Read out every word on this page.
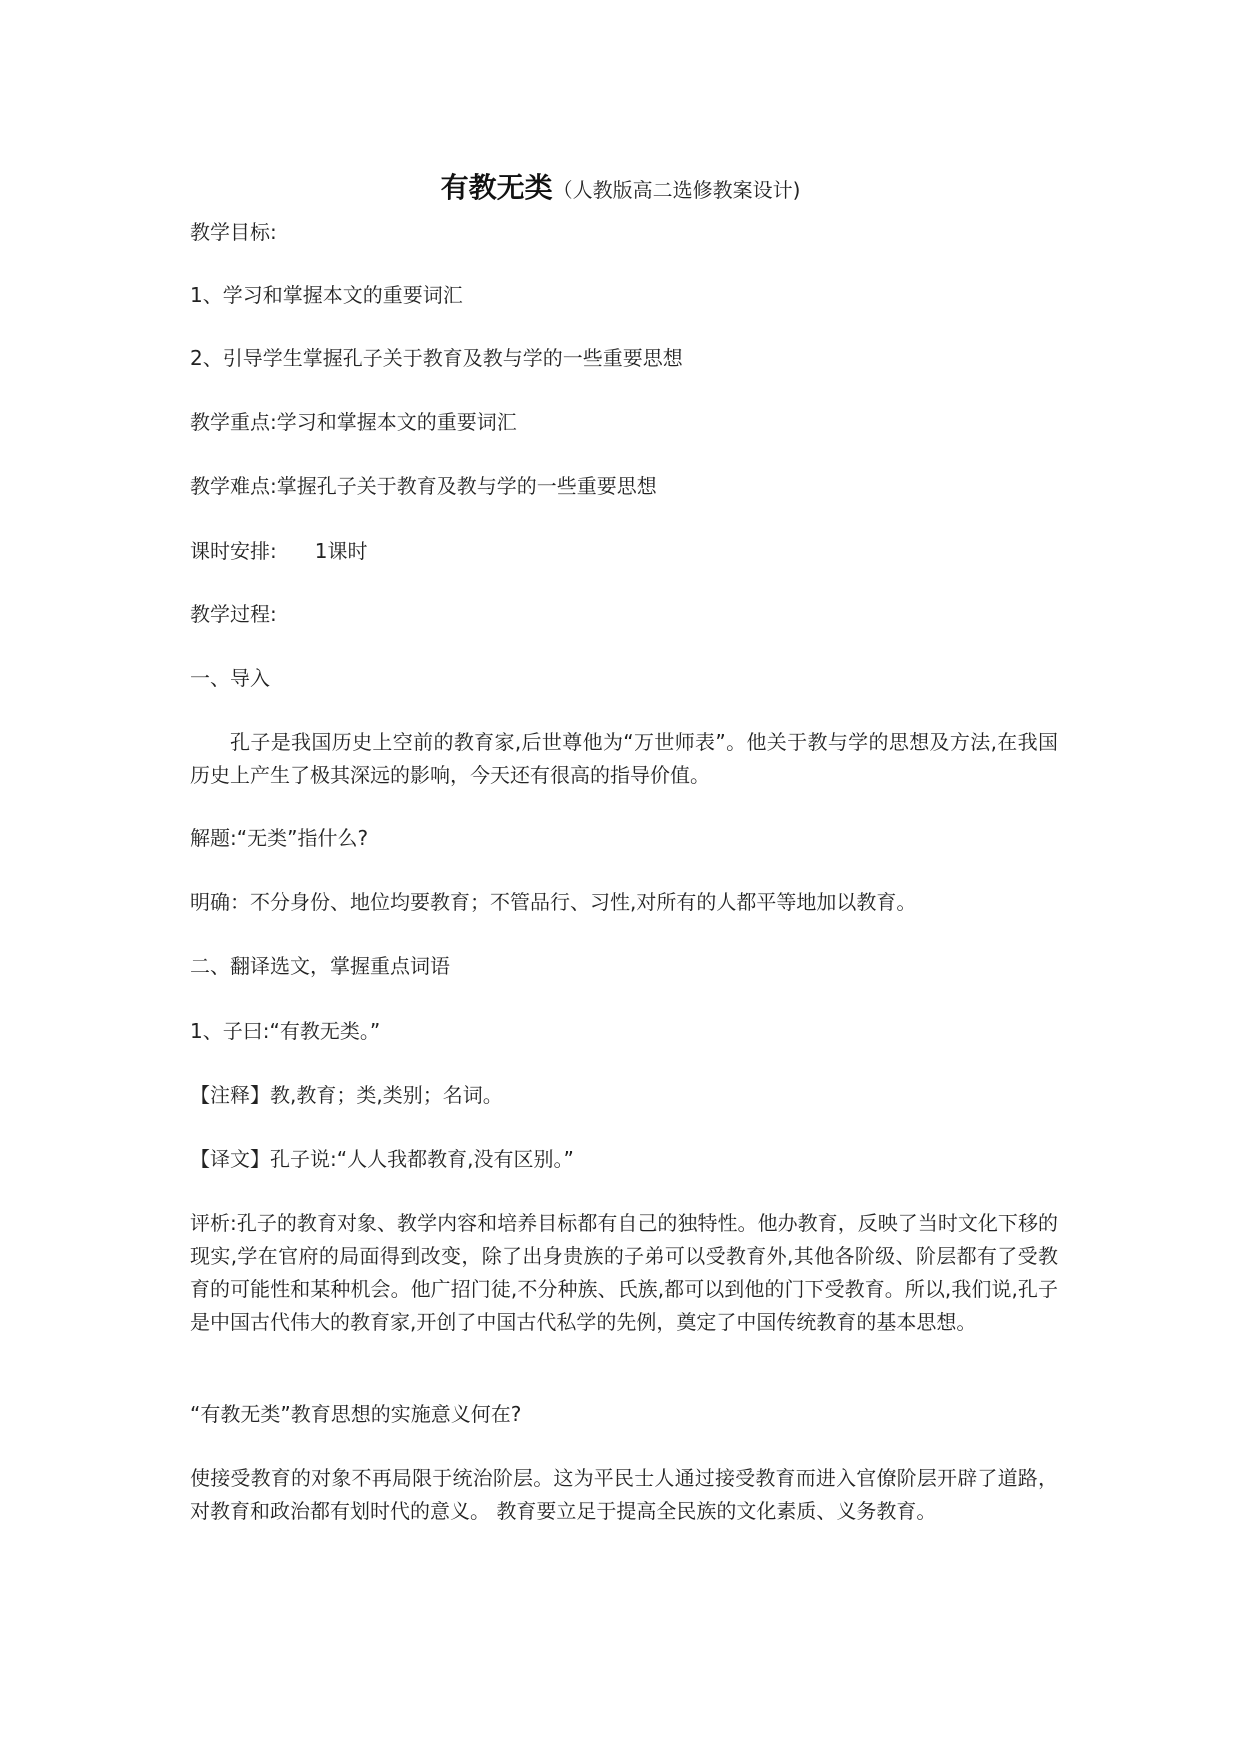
有教无类（人教版高二选修教案设计)
教学目标:
1、学习和掌握本文的重要词汇
2、引导学生掌握孔子关于教育及教与学的一些重要思想
教学重点:学习和掌握本文的重要词汇
教学难点:掌握孔子关于教育及教与学的一些重要思想
课时安排: 1课时
教学过程:
一、导入
孔子是我国历史上空前的教育家,后世尊他为“万世师表”。他关于教与学的思想及方法,在我国历史上产生了极其深远的影响，今天还有很高的指导价值。
解题:“无类”指什么?
明确：不分身份、地位均要教育；不管品行、习性,对所有的人都平等地加以教育。
二、翻译选文，掌握重点词语
1、子曰:“有教无类。”
【注释】教,教育；类,类别；名词。
【译文】孔子说:“人人我都教育,没有区别。”
评析:孔子的教育对象、教学内容和培养目标都有自己的独特性。他办教育，反映了当时文化下移的现实,学在官府的局面得到改变，除了出身贵族的子弟可以受教育外,其他各阶级、阶层都有了受教育的可能性和某种机会。他广招门徒,不分种族、氏族,都可以到他的门下受教育。所以,我们说,孔子是中国古代伟大的教育家,开创了中国古代私学的先例，奠定了中国传统教育的基本思想。
“有教无类”教育思想的实施意义何在?
使接受教育的对象不再局限于统治阶层。这为平民士人通过接受教育而进入官僚阶层开辟了道路，对教育和政治都有划时代的意义。 教育要立足于提高全民族的文化素质、义务教育。
